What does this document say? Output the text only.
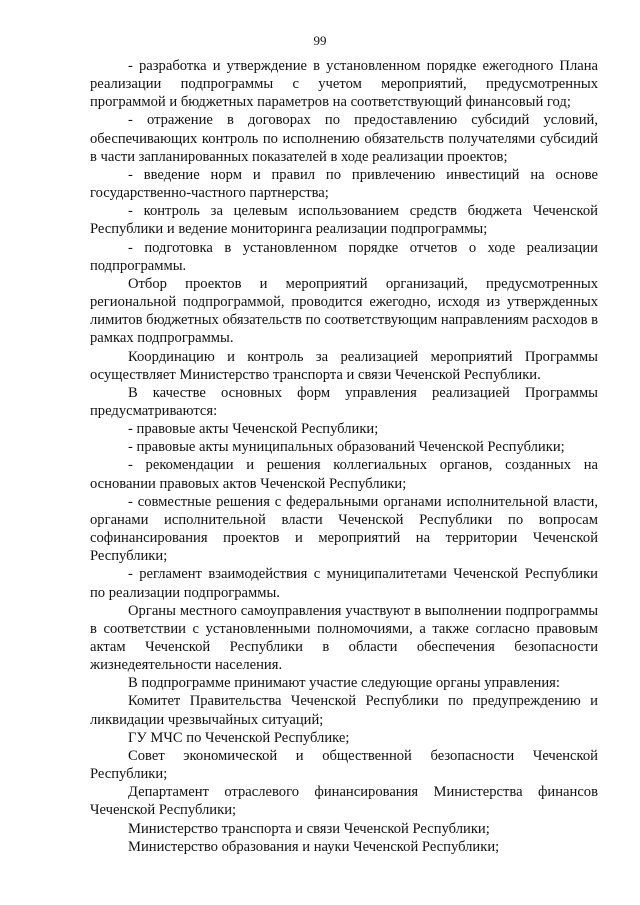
99

- разработка и утверждение в установленном порядке ежегодного Плана реализации подпрограммы с учетом мероприятий, предусмотренных программой и бюджетных параметров на соответствующий финансовый год;

- отражение в договорах по предоставлению субсидий условий, обеспечивающих контроль по исполнению обязательств получателями субсидий в части запланированных показателей в ходе реализации проектов;

- введение норм и правил по привлечению инвестиций на основе государственно-частного партнерства;

- контроль за целевым использованием средств бюджета Чеченской Республики и ведение мониторинга реализации подпрограммы;

- подготовка в установленном порядке отчетов о ходе реализации подпрограммы.

Отбор проектов и мероприятий организаций, предусмотренных региональной подпрограммой, проводится ежегодно, исходя из утвержденных лимитов бюджетных обязательств по соответствующим направлениям расходов в рамках подпрограммы.

Координацию и контроль за реализацией мероприятий Программы осуществляет Министерство транспорта и связи Чеченской Республики.

В качестве основных форм управления реализацией Программы предусматриваются:

- правовые акты Чеченской Республики;

- правовые акты муниципальных образований Чеченской Республики;

- рекомендации и решения коллегиальных органов, созданных на основании правовых актов Чеченской Республики;

- совместные решения с федеральными органами исполнительной власти, органами исполнительной власти Чеченской Республики по вопросам софинансирования проектов и мероприятий на территории Чеченской Республики;

- регламент взаимодействия с муниципалитетами Чеченской Республики по реализации подпрограммы.

Органы местного самоуправления участвуют в выполнении подпрограммы в соответствии с установленными полномочиями, а также согласно правовым актам Чеченской Республики в области обеспечения безопасности жизнедеятельности населения.

В подпрограмме принимают участие следующие органы управления:

Комитет Правительства Чеченской Республики по предупреждению и ликвидации чрезвычайных ситуаций;

ГУ МЧС по Чеченской Республике;

Совет экономической и общественной безопасности Чеченской Республики;

Департамент отраслевого финансирования Министерства финансов Чеченской Республики;

Министерство транспорта и связи Чеченской Республики;

Министерство образования и науки Чеченской Республики;
